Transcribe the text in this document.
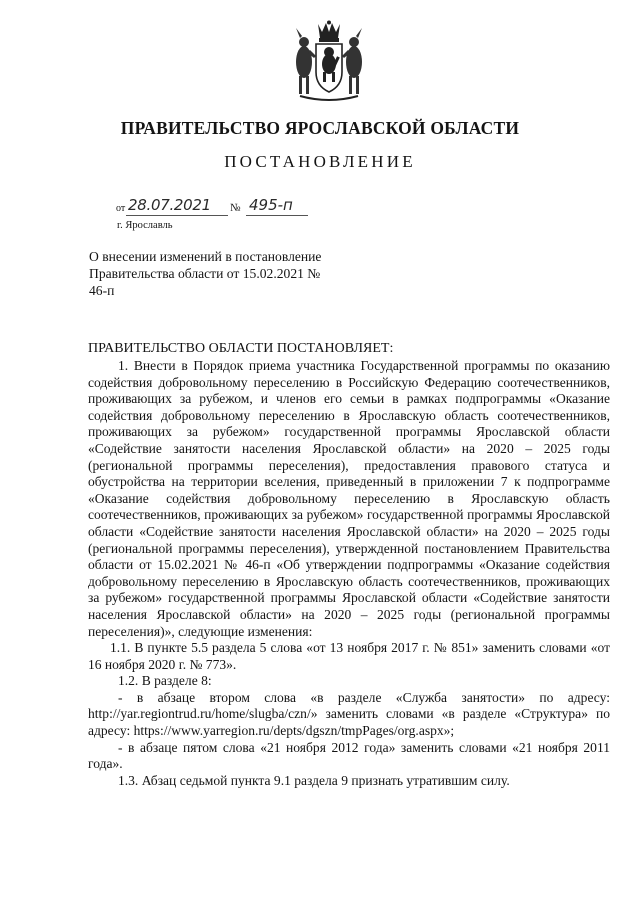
ПРАВИТЕЛЬСТВО ЯРОСЛАВСКОЙ ОБЛАСТИ
ПОСТАНОВЛЕНИЕ
от 28.07.2021	№ 495-п
г. Ярославль
О внесении изменений в постановление Правительства области от 15.02.2021 № 46-п
ПРАВИТЕЛЬСТВО ОБЛАСТИ ПОСТАНОВЛЯЕТ:

1. Внести в Порядок приема участника Государственной программы по оказанию содействия добровольному переселению в Российскую Федерацию соотечественников, проживающих за рубежом, и членов его семьи в рамках подпрограммы «Оказание содействия добровольному переселению в Ярославскую область соотечественников, проживающих за рубежом» государственной программы Ярославской области «Содействие занятости населения Ярославской области» на 2020 – 2025 годы (региональной программы переселения), предоставления правового статуса и обустройства на территории вселения, приведенный в приложении 7 к подпрограмме «Оказание содействия добровольному переселению в Ярославскую область соотечественников, проживающих за рубежом» государственной программы Ярославской области «Содействие занятости населения Ярославской области» на 2020 – 2025 годы (региональной программы переселения), утвержденной постановлением Правительства области от 15.02.2021 № 46-п «Об утверждении подпрограммы «Оказание содействия добровольному переселению в Ярославскую область соотечественников, проживающих за рубежом» государственной программы Ярославской области «Содействие занятости населения Ярославской области» на 2020 – 2025 годы (региональной программы переселения)», следующие изменения:

1.1. В пункте 5.5 раздела 5 слова «от 13 ноября 2017 г. № 851» заменить словами «от 16 ноября 2020 г. № 773».

1.2. В разделе 8:

- в абзаце втором слова «в разделе «Служба занятости» по адресу: http://yar.regiontrud.ru/home/slugba/czn/» заменить словами «в разделе «Структура» по адресу: https://www.yarregion.ru/depts/dgszn/tmpPages/org.aspx»;

- в абзаце пятом слова «21 ноября 2012 года» заменить словами «21 ноября 2011 года».

1.3. Абзац седьмой пункта 9.1 раздела 9 признать утратившим силу.
